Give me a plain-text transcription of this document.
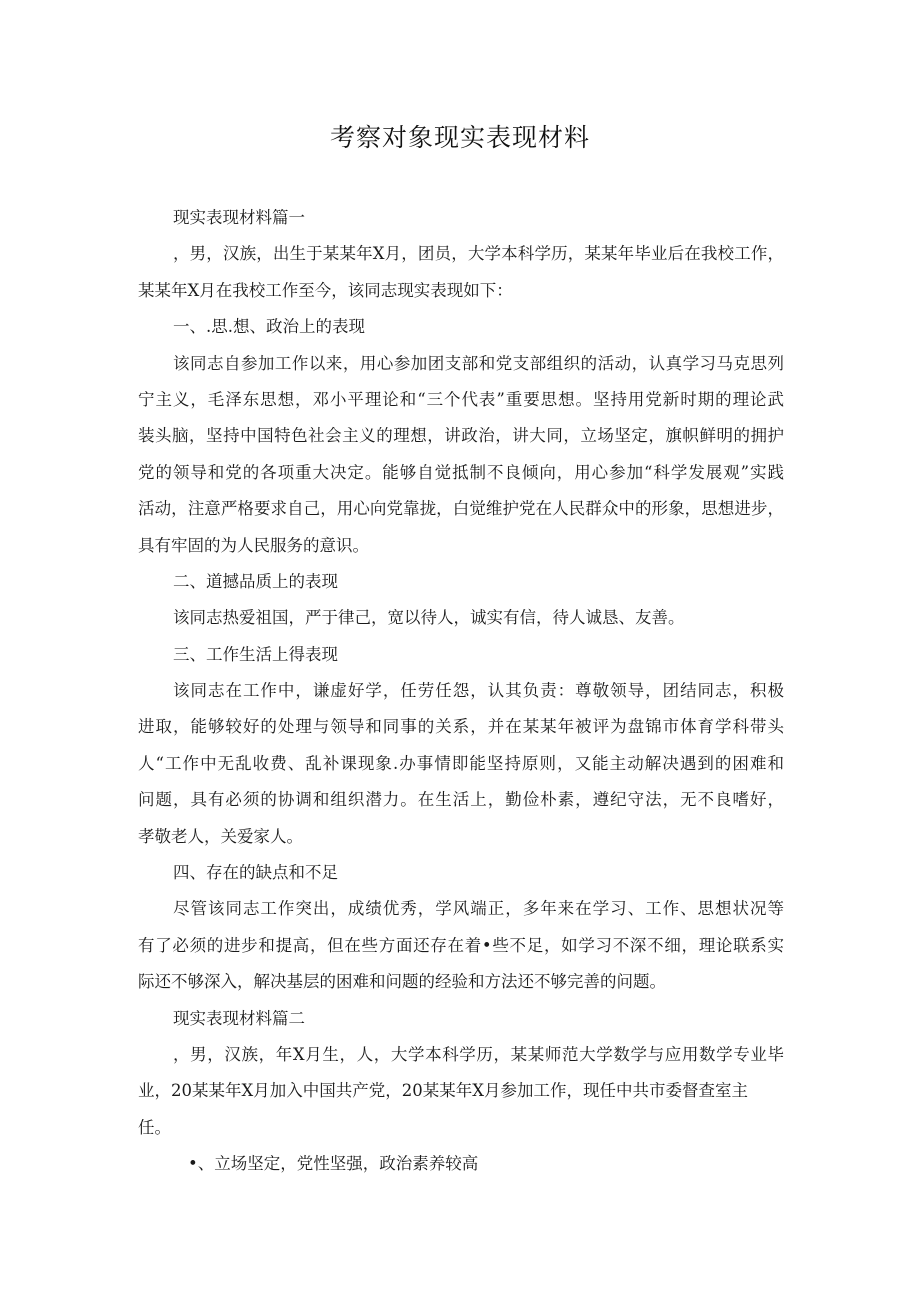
考察对象现实表现材料
现实表现材料篇一
，男，汉族，出生于某某年X月，团员，大学本科学历，某某年毕业后在我校工作，
某某年X月在我校工作至今，该同志现实表现如下：
一、.思.想、政治上的表现
该同志自参加工作以来，用心参加团支部和党支部组织的活动，认真学习马克思列
宁主义，毛泽东思想，邓小平理论和“三个代表”重要思想。坚持用党新时期的理论武
装头脑，坚持中国特色社会主义的理想，讲政治，讲大同，立场坚定，旗帜鲜明的拥护
党的领导和党的各项重大决定。能够自觉抵制不良倾向，用心参加“科学发展观”实践
活动，注意严格要求自己，用心向党靠拢，白觉维护党在人民群众中的形象，思想进步，
具有牢固的为人民服务的意识。
二、道撼品质上的表现
该同志热爱祖国，严于律己，宽以待人，诚实有信，待人诚恳、友善。
三、工作生活上得表现
该同志在工作中，谦虚好学，任劳任怨，认其负责：尊敬领导，团结同志，积极
进取，能够较好的处理与领导和同事的关系，并在某某年被评为盘锦市体育学科带头
人“工作中无乱收费、乱补课现象.办事情即能坚持原则，又能主动解决遇到的困难和
问题，具有必须的协调和组织潜力。在生活上，勤俭朴素，遵纪守法，无不良嗜好，
孝敬老人，关爱家人。
四、存在的缺点和不足
尽管该同志工作突出，成绩优秀，学风端正，多年来在学习、工作、思想状况等
有了必须的进步和提高，但在些方面还存在着•些不足，如学习不深不细，理论联系实
际还不够深入，解决基层的困难和问题的经验和方法还不够完善的问题。
现实表现材料篇二
，男，汉族，年X月生，人，大学本科学历，某某师范大学数学与应用数学专业毕
业，20某某年X月加入中国共产党，20某某年X月参加工作，现任中共市委督查室主
任。
•、立场坚定，党性坚强，政治素养较高
